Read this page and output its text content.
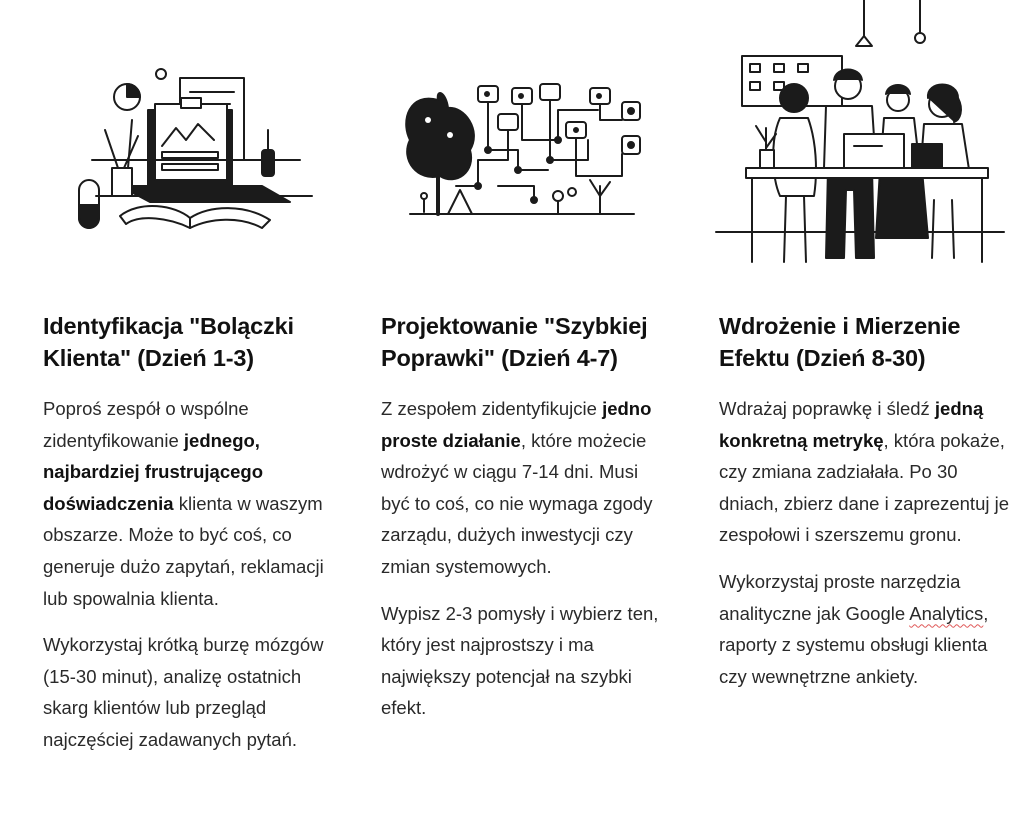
Identyfikacja "Bolączki Klienta" (Dzień 1-3)

Poproś zespół o wspólne zidentyfikowanie jednego, najbardziej frustrującego doświadczenia klienta w waszym obszarze. Może to być coś, co generuje dużo zapytań, reklamacji lub spowalnia klienta.

Wykorzystaj krótką burzę mózgów (15-30 minut), analizę ostatnich skarg klientów lub przegląd najczęściej zadawanych pytań.

Projektowanie "Szybkiej Poprawki" (Dzień 4-7)

Z zespołem zidentyfikujcie jedno proste działanie, które możecie wdrożyć w ciągu 7-14 dni. Musi być to coś, co nie wymaga zgody zarządu, dużych inwestycji czy zmian systemowych.

Wypisz 2-3 pomysły i wybierz ten, który jest najprostszy i ma największy potencjał na szybki efekt.

Wdrożenie i Mierzenie Efektu (Dzień 8-30)

Wdrażaj poprawkę i śledź jedną konkretną metrykę, która pokaże, czy zmiana zadziałała. Po 30 dniach, zbierz dane i zaprezentuj je zespołowi i szerszemu gronu.

Wykorzystaj proste narzędzia analityczne jak Google Analytics, raporty z systemu obsługi klienta czy wewnętrzne ankiety.
